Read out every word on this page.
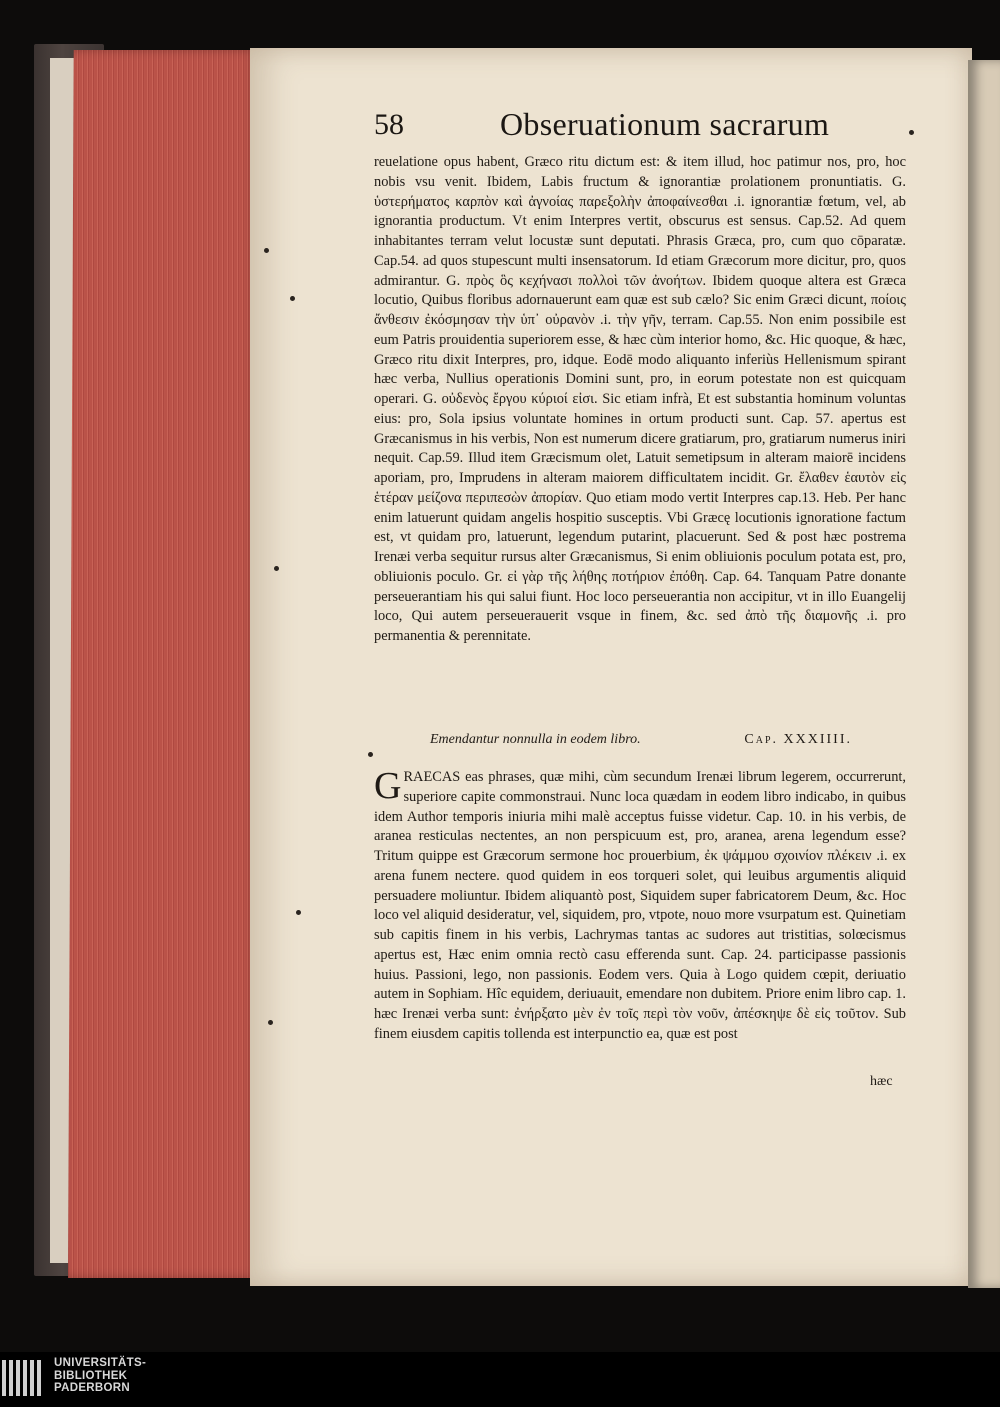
58	Obseruationum sacrarum

reuelatione opus habent, Græco ritu dictum est: & item illud, hoc patimur nos, pro, hoc nobis vsu venit. Ibidem, Labis fructum & ignorantiæ prolationem pronuntiatis. G. ὑστερήματος καρπὸν καὶ ἀγνοίας παρεξολὴν ἀποφαίνεσθαι .i. ignorantiæ fœtum, vel, ab ignorantia productum. Vt enim Interpres vertit, obscurus est sensus. Cap.52. Ad quem inhabitantes terram velut locustæ sunt deputati. Phrasis Græca, pro, cum quo cōparatæ. Cap.54. ad quos stupescunt multi insensatorum. Id etiam Græcorum more dicitur, pro, quos admirantur. G. πρὸς ὃς κεχήνασι πολλοὶ τῶν ἀνοήτων. Ibidem quoque altera est Græca locutio, Quibus floribus adornauerunt eam quæ est sub cælo? Sic enim Græci dicunt, ποίοις ἄνθεσιν ἐκόσμησαν τὴν ὑπ᾽ οὐρανὸν .i. τὴν γῆν, terram. Cap.55. Non enim possibile est eum Patris prouidentia superiorem esse, & hæc cùm interior homo, &c. Hic quoque, & hæc, Græco ritu dixit Interpres, pro, idque. Eodē modo aliquanto inferiùs Hellenismum spirant hæc verba, Nullius operationis Domini sunt, pro, in eorum potestate non est quicquam operari. G. οὐδενὸς ἔργου κύριοί εἰσι. Sic etiam infrà, Et est substantia hominum voluntas eius: pro, Sola ipsius voluntate homines in ortum producti sunt. Cap. 57. apertus est Græcanismus in his verbis, Non est numerum dicere gratiarum, pro, gratiarum numerus iniri nequit. Cap.59. Illud item Græcismum olet, Latuit semetipsum in alteram maiorē incidens aporiam, pro, Imprudens in alteram maiorem difficultatem incidit. Gr. ἔλαθεν ἑαυτὸν εἰς ἑτέραν μείζονα περιπεσὼν ἀπορίαν. Quo etiam modo vertit Interpres cap.13. Heb. Per hanc enim latuerunt quidam angelis hospitio susceptis. Vbi Græcę locutionis ignoratione factum est, vt quidam pro, latuerunt, legendum putarint, placuerunt. Sed & post hæc postrema Irenæi verba sequitur rursus alter Græcanismus, Si enim obliuionis poculum potata est, pro, obliuionis poculo. Gr. εἰ γὰρ τῆς λήθης ποτήριον ἐπόθη. Cap. 64. Tanquam Patre donante perseuerantiam his qui salui fiunt. Hoc loco perseuerantia non accipitur, vt in illo Euangelij loco, Qui autem perseuerauerit vsque in finem, &c. sed ἀπὸ τῆς διαμονῆς .i. pro permanentia & perennitate.

Emendantur nonnulla in eodem libro.	Cap. XXXIIII.
G RAECAS eas phrases, quæ mihi, cùm secundum Irenæi librum legerem, occurrerunt, superiore capite commonstraui. Nunc loca quædam in eodem libro indicabo, in quibus idem Author temporis iniuria mihi malè acceptus fuisse videtur. Cap. 10. in his verbis, de aranea resticulas nectentes, an non perspicuum est, pro, aranea, arena legendum esse? Tritum quippe est Græcorum sermone hoc prouerbium, ἐκ ψάμμου σχοινίον πλέκειν .i. ex arena funem nectere. quod quidem in eos torqueri solet, qui leuibus argumentis aliquid persuadere moliuntur. Ibidem aliquantò post, Siquidem super fabricatorem Deum, &c. Hoc loco vel aliquid desideratur, vel, siquidem, pro, vtpote, nouo more vsurpatum est. Quinetiam sub capitis finem in his verbis, Lachrymas tantas ac sudores aut tristitias, solœcismus apertus est, Hæc enim omnia rectò casu efferenda sunt. Cap. 24. participasse passionis huius. Passioni, lego, non passionis. Eodem vers. Quia à Logo quidem cœpit, deriuatio autem in Sophiam. Hîc equidem, deriuauit, emendare non dubitem. Priore enim libro cap. 1. hæc Irenæi verba sunt: ἐνήρξατο μὲν ἐν τοῖς περὶ τὸν νοῦν, ἀπέσκηψε δὲ εἰς τοῦτον. Sub finem eiusdem capitis tollenda est interpunctio ea, quæ est post

hæc
UNIVERSITÄTS-
BIBLIOTHEK
PADERBORN
